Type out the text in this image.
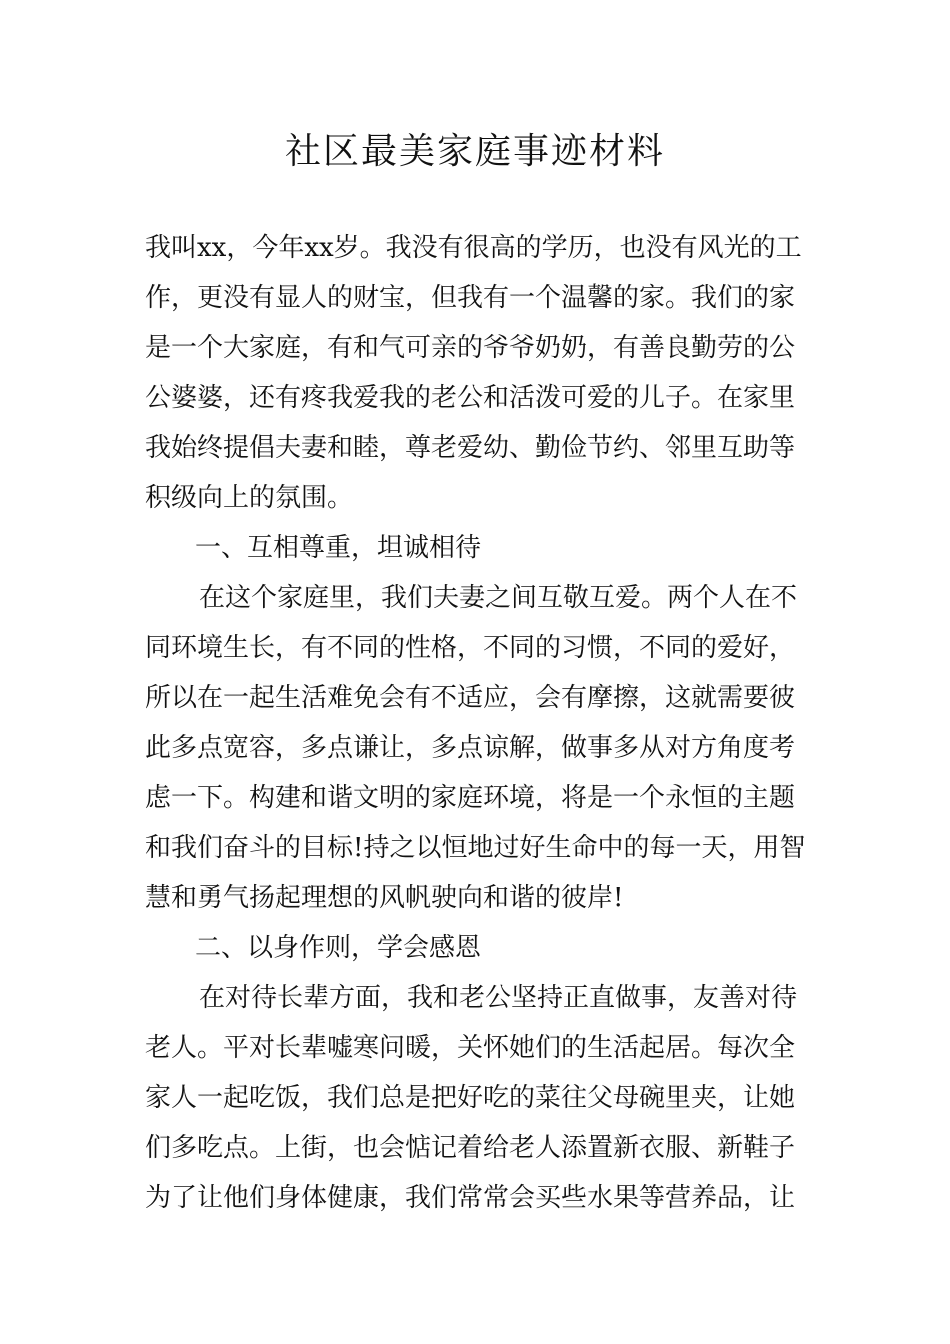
社区最美家庭事迹材料

我叫xx，今年xx岁。我没有很高的学历，也没有风光的工

作，更没有显人的财宝，但我有一个温馨的家。我们的家

是一个大家庭，有和气可亲的爷爷奶奶，有善良勤劳的公

公婆婆，还有疼我爱我的老公和活泼可爱的儿子。在家里

我始终提倡夫妻和睦，尊老爱幼、勤俭节约、邻里互助等

积级向上的氛围。

一、互相尊重，坦诚相待

在这个家庭里，我们夫妻之间互敬互爱。两个人在不

同环境生长，有不同的性格，不同的习惯，不同的爱好，

所以在一起生活难免会有不适应，会有摩擦，这就需要彼

此多点宽容，多点谦让，多点谅解，做事多从对方角度考

虑一下。构建和谐文明的家庭环境，将是一个永恒的主题

和我们奋斗的目标!持之以恒地过好生命中的每一天，用智

慧和勇气扬起理想的风帆驶向和谐的彼岸!

二、以身作则，学会感恩

在对待长辈方面，我和老公坚持正直做事，友善对待

老人。平对长辈嘘寒问暖，关怀她们的生活起居。每次全

家人一起吃饭，我们总是把好吃的菜往父母碗里夹，让她

们多吃点。上街，也会惦记着给老人添置新衣服、新鞋子

为了让他们身体健康，我们常常会买些水果等营养品，让
